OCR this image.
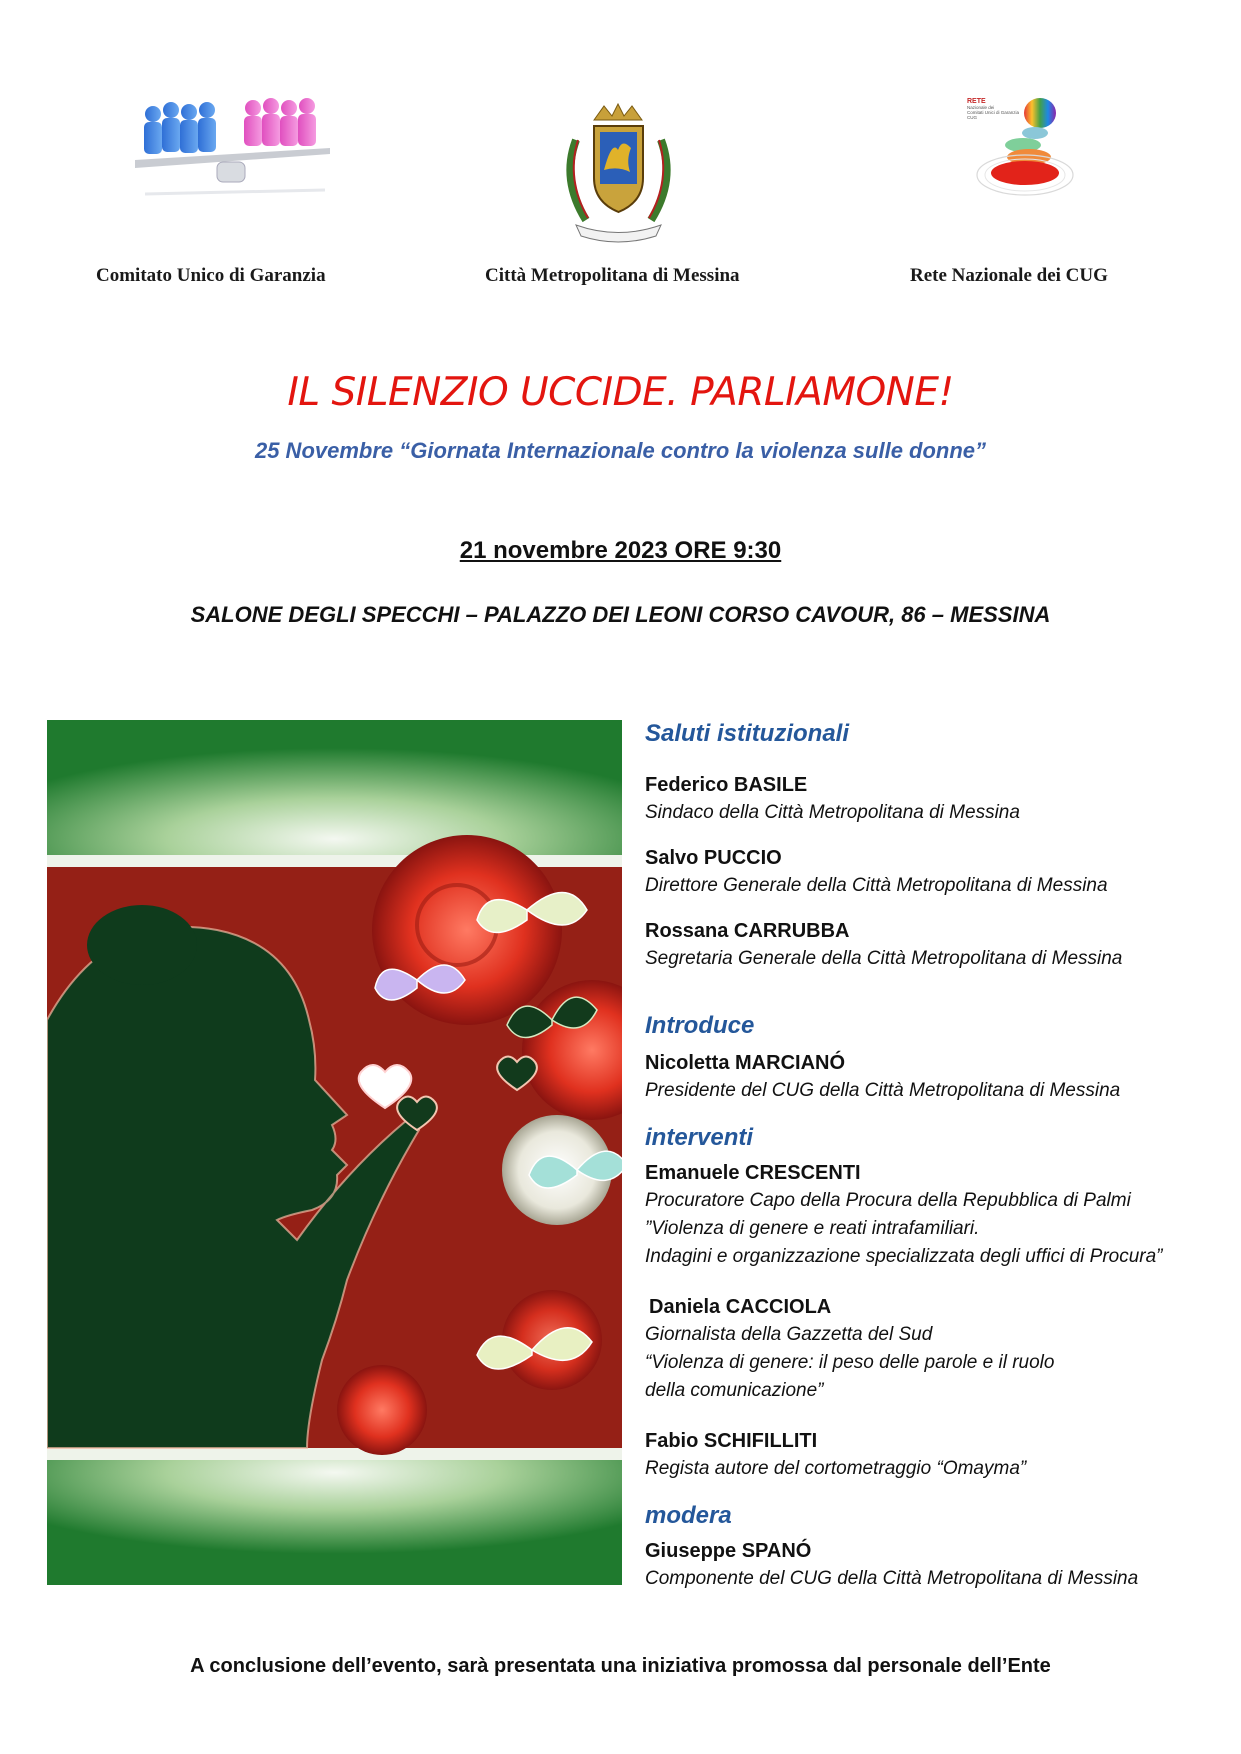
Comitato Unico di Garanzia	Città Metropolitana di Messina
RETE
Nazionale dei
Comitati Unici di Garanzia
CUG
Rete Nazionale dei CUG
IL SILENZIO UCCIDE. PARLIAMONE!
25 Novembre “Giornata Internazionale contro la violenza sulle donne”
21 novembre 2023 ORE 9:30
SALONE DEGLI SPECCHI – PALAZZO DEI LEONI CORSO CAVOUR, 86 – MESSINA
Saluti istituzionali
Federico BASILE
Sindaco della Città Metropolitana di Messina
Salvo PUCCIO
Direttore Generale della Città Metropolitana di Messina
Rossana CARRUBBA
Segretaria Generale della Città Metropolitana di Messina
Introduce
Nicoletta MARCIANÓ
Presidente del CUG della Città Metropolitana di Messina
interventi
Emanuele CRESCENTI
Procuratore Capo della Procura della Repubblica di Palmi
”Violenza di genere e reati intrafamiliari.
Indagini e organizzazione specializzata degli uffici di Procura”
Daniela CACCIOLA
Giornalista della Gazzetta del Sud
“Violenza di genere: il peso delle parole e il ruolo
della comunicazione”
Fabio SCHIFILLITI
Regista autore del cortometraggio “Omayma”
modera
Giuseppe SPANÓ
Componente del CUG della Città Metropolitana di Messina
A conclusione dell’evento, sarà presentata una iniziativa promossa dal personale dell’Ente
